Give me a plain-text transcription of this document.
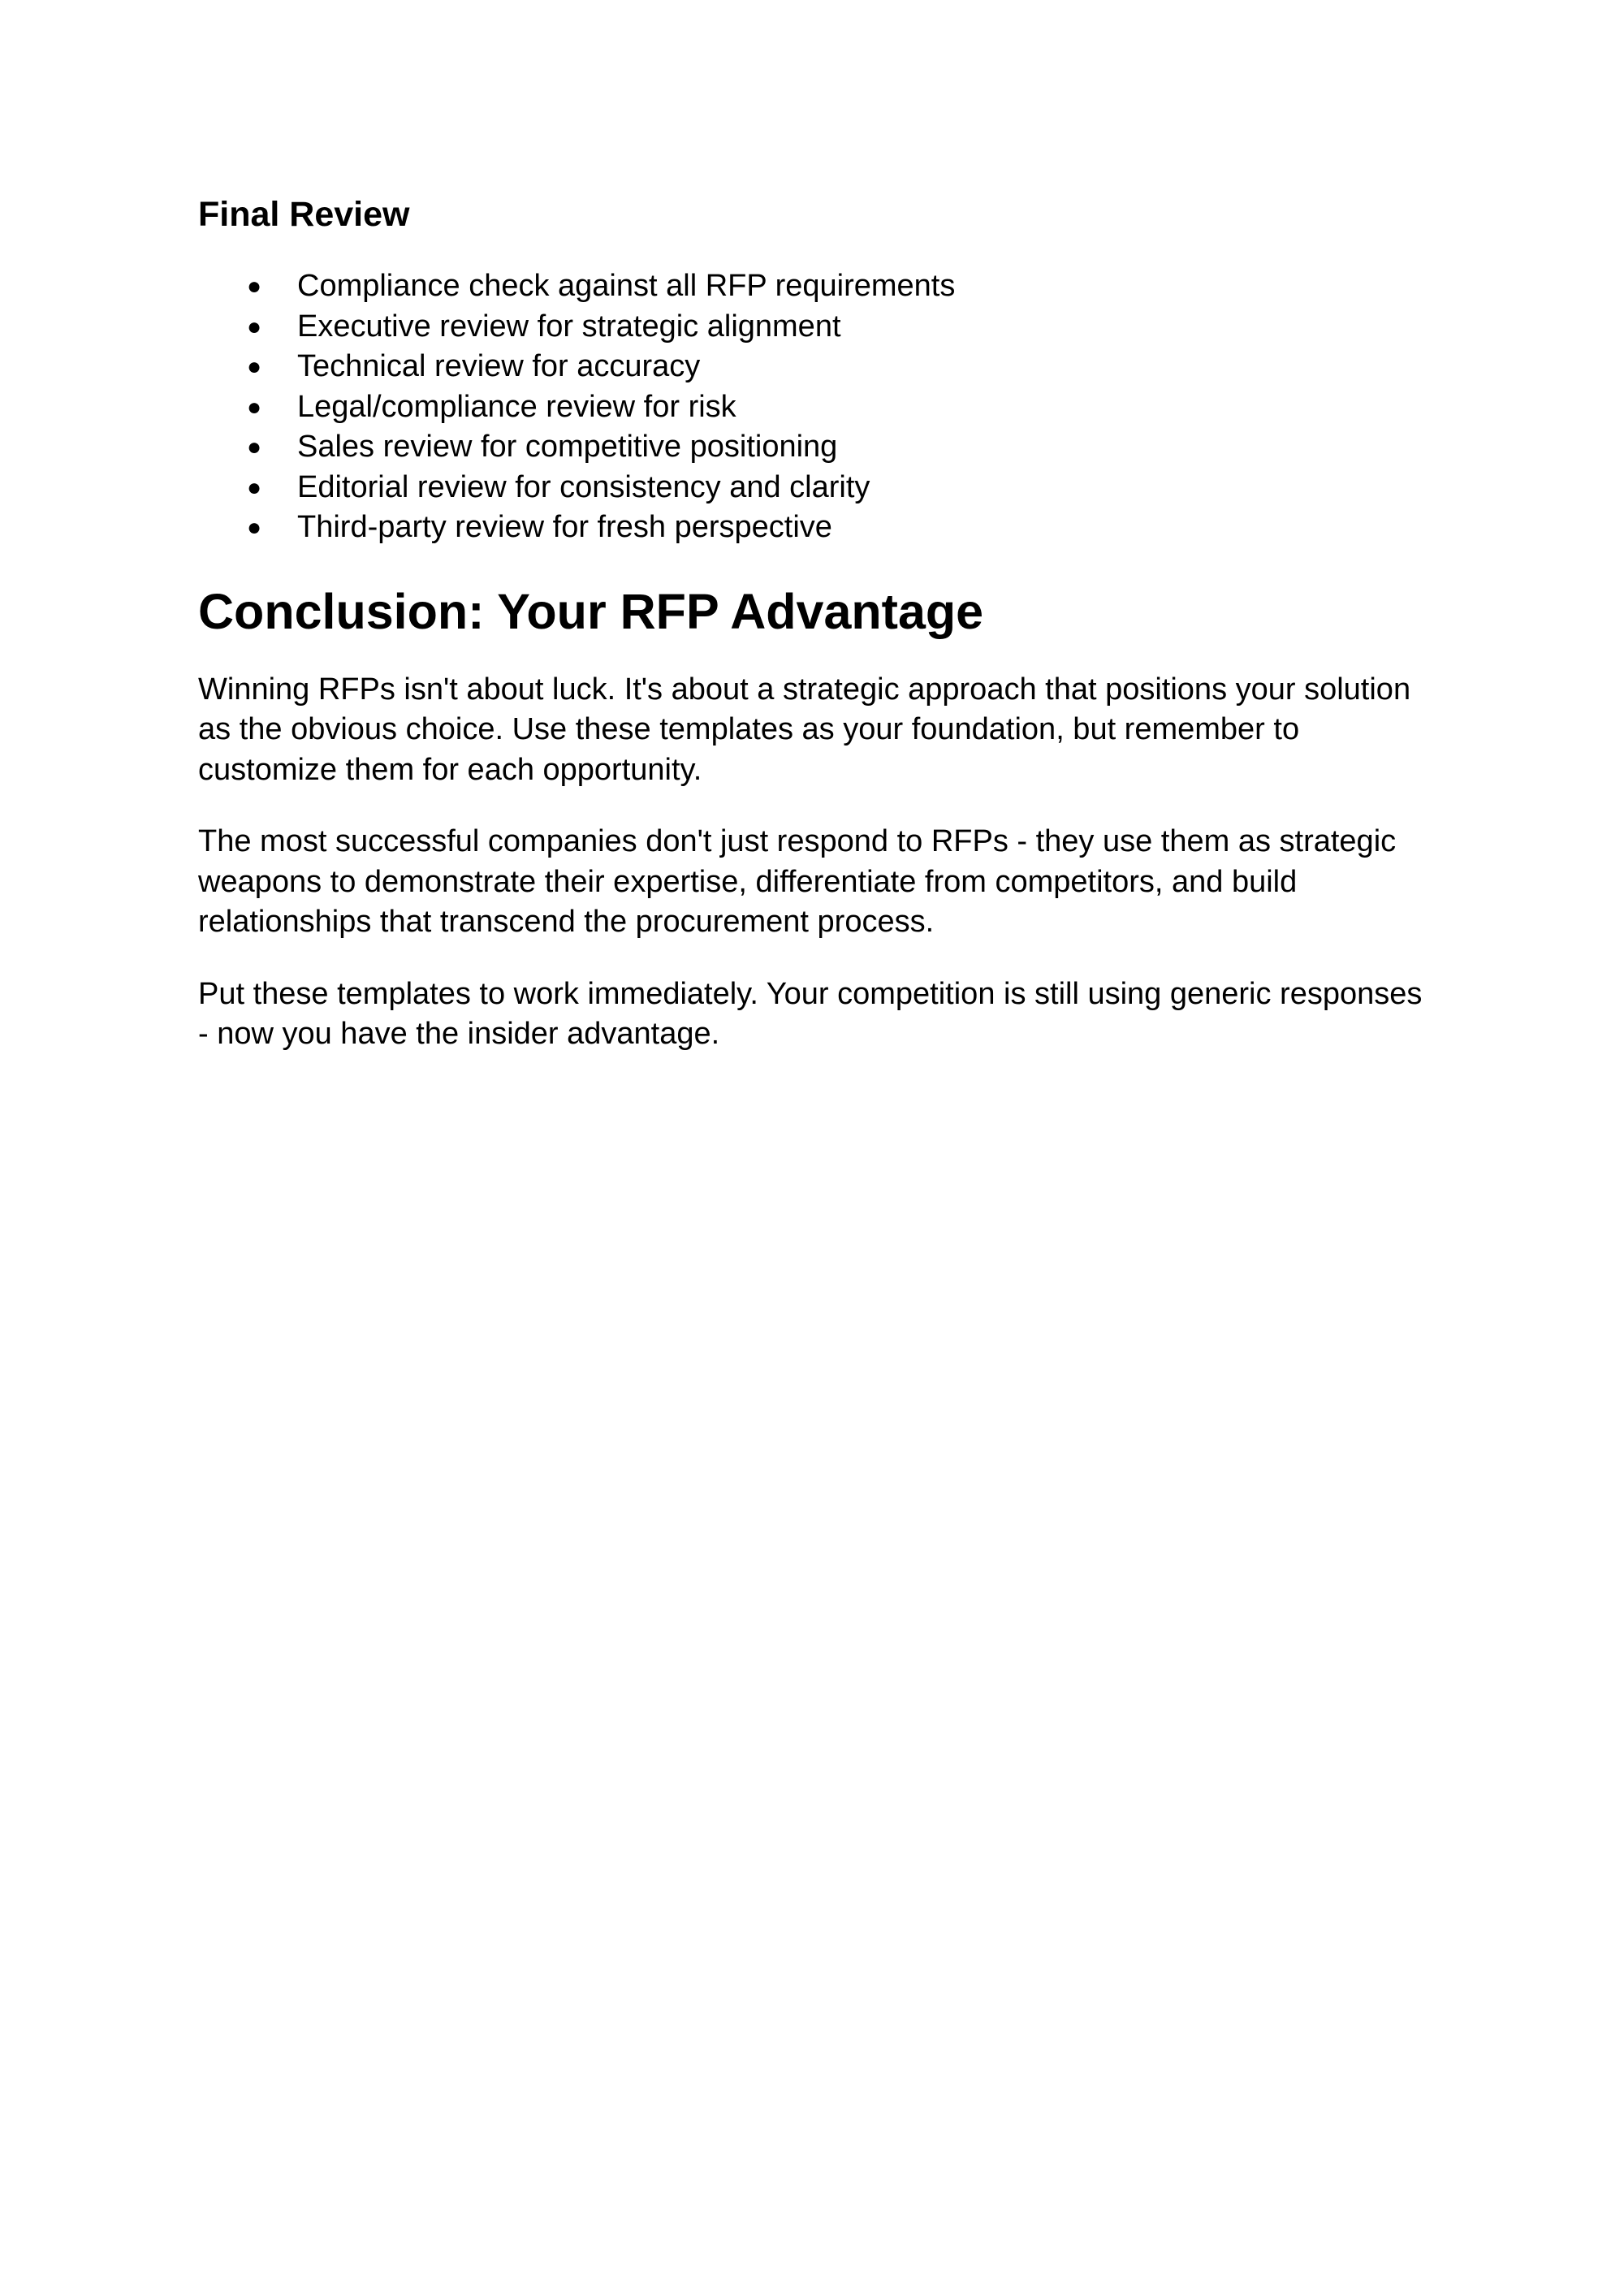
Final Review
● Compliance check against all RFP requirements
● Executive review for strategic alignment
● Technical review for accuracy
● Legal/compliance review for risk
● Sales review for competitive positioning
● Editorial review for consistency and clarity
● Third-party review for fresh perspective
Conclusion: Your RFP Advantage

Winning RFPs isn't about luck. It's about a strategic approach that positions your solution as the obvious choice. Use these templates as your foundation, but remember to customize them for each opportunity.

The most successful companies don't just respond to RFPs - they use them as strategic weapons to demonstrate their expertise, differentiate from competitors, and build relationships that transcend the procurement process.

Put these templates to work immediately. Your competition is still using generic responses - now you have the insider advantage.
